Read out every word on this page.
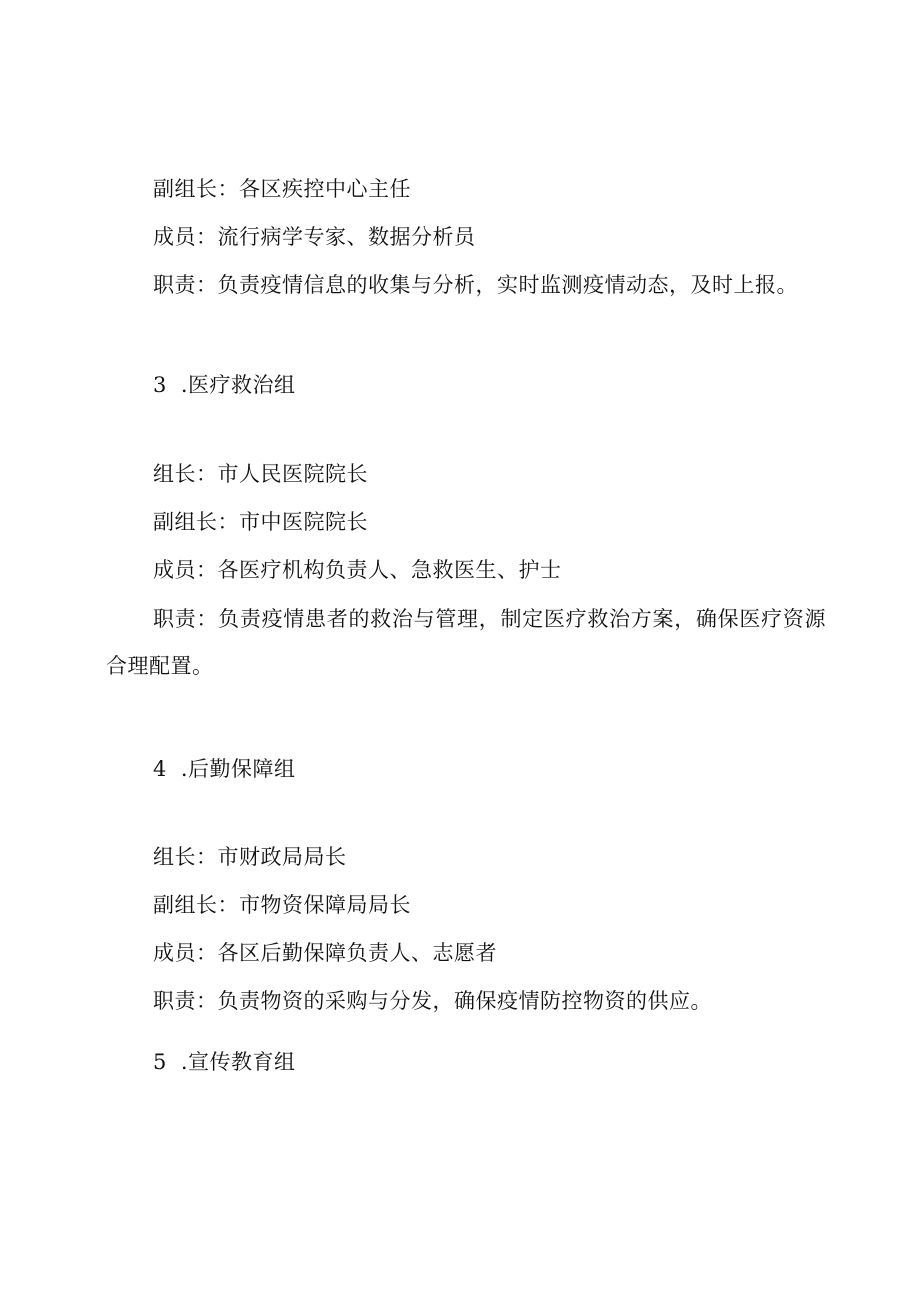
副组长：各区疾控中心主任
成员：流行病学专家、数据分析员
职责：负责疫情信息的收集与分析，实时监测疫情动态，及时上报。
3 .医疗救治组
组长：市人民医院院长
副组长：市中医院院长
成员：各医疗机构负责人、急救医生、护士
职责：负责疫情患者的救治与管理，制定医疗救治方案，确保医疗资源合理配置。
4 .后勤保障组
组长：市财政局局长
副组长：市物资保障局局长
成员：各区后勤保障负责人、志愿者
职责：负责物资的采购与分发，确保疫情防控物资的供应。
5 .宣传教育组
